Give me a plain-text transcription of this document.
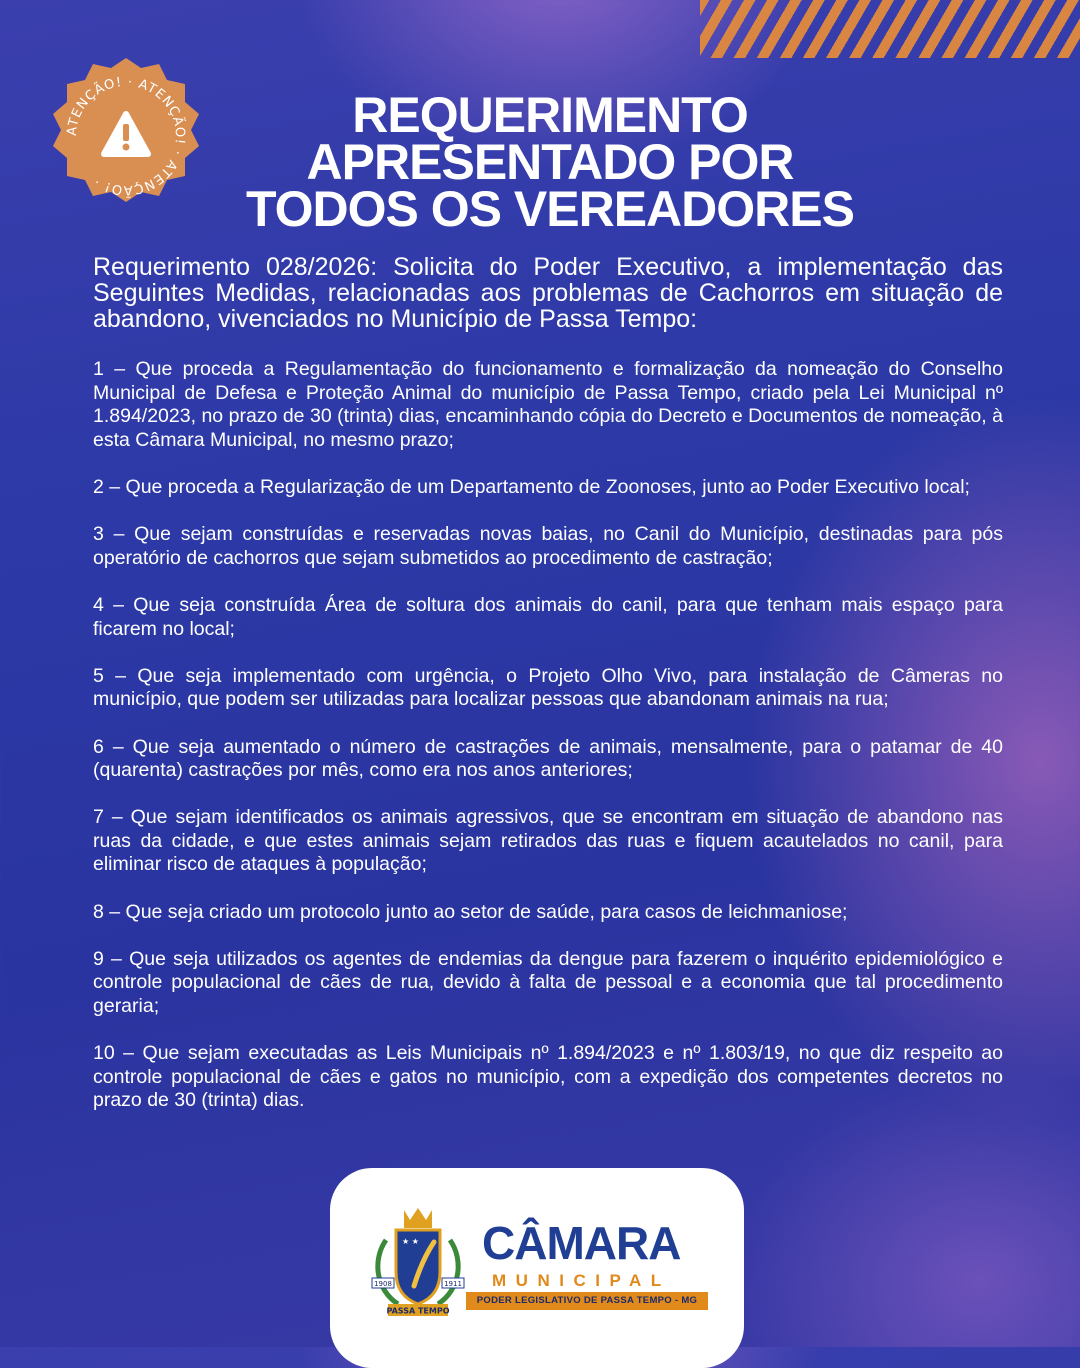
ATENÇÃO! · ATENÇÃO! · ATENÇÃO! ·
REQUERIMENTO
APRESENTADO POR
TODOS OS VEREADORES
Requerimento 028/2026: Solicita do Poder Executivo, a implementação das Seguintes Medidas, relacionadas aos problemas de Cachorros em situação de abandono, vivenciados no Município de Passa Tempo:
1 – Que proceda a Regulamentação do funcionamento e formalização da nomeação do Conselho Municipal de Defesa e Proteção Animal do município de Passa Tempo, criado pela Lei Municipal nº 1.894/2023, no prazo de 30 (trinta) dias, encaminhando cópia do Decreto e Documentos de nomeação, à esta Câmara Municipal, no mesmo prazo;
2 – Que proceda a Regularização de um Departamento de Zoonoses, junto ao Poder Executivo local;
3 – Que sejam construídas e reservadas novas baias, no Canil do Município, destinadas para pós operatório de cachorros que sejam submetidos ao procedimento de castração;
4 – Que seja construída Área de soltura dos animais do canil, para que tenham mais espaço para ficarem no local;
5 – Que seja implementado com urgência, o Projeto Olho Vivo, para instalação de Câmeras no município, que podem ser utilizadas para localizar pessoas que abandonam animais na rua;
6 – Que seja aumentado o número de castrações de animais, mensalmente, para o patamar de 40 (quarenta) castrações por mês, como era nos anos anteriores;
7 – Que sejam identificados os animais agressivos, que se encontram em situação de abandono nas ruas da cidade, e que estes animais sejam retirados das ruas e fiquem acautelados no canil, para eliminar risco de ataques à população;
8 – Que seja criado um protocolo junto ao setor de saúde, para casos de leichmaniose;
9 – Que seja utilizados os agentes de endemias da dengue para fazerem o inquérito epidemiológico e controle populacional de cães de rua, devido à falta de pessoal e a economia que tal procedimento geraria;
10 – Que sejam executadas as Leis Municipais nº 1.894/2023 e nº 1.803/19, no que diz respeito ao controle populacional de cães e gatos no município, com a expedição dos competentes decretos no prazo de 30 (trinta) dias.
★ ★
1908	1911
PASSA TEMPO
CÂMARA
MUNICIPAL
PODER LEGISLATIVO DE PASSA TEMPO - MG
